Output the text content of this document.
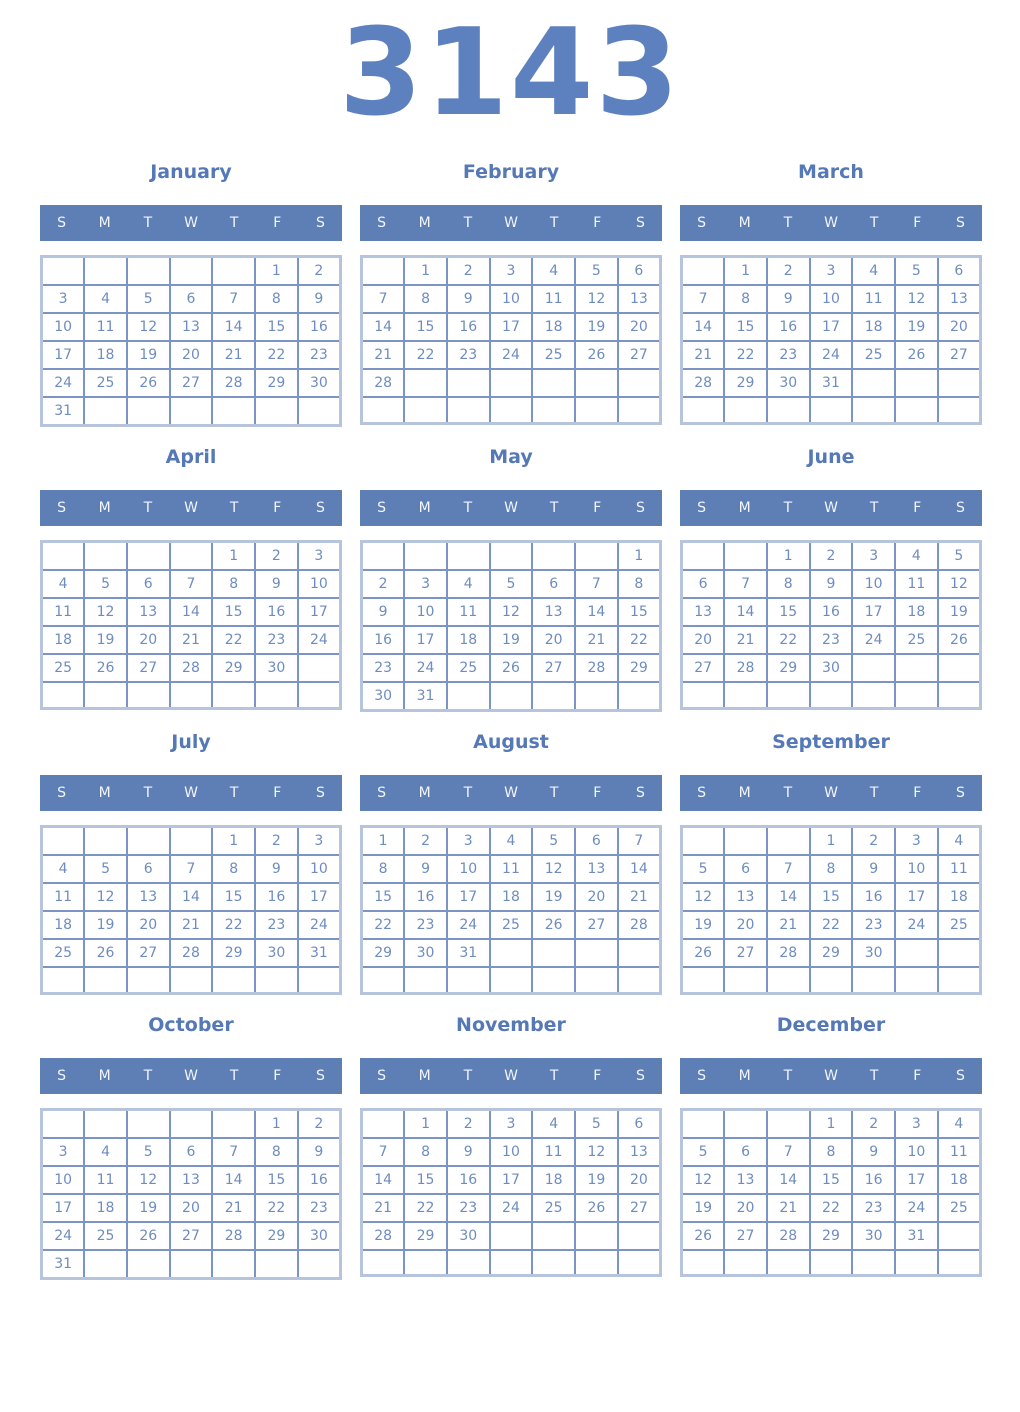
3143
January
S	M	T	W	T	F	S
					1	2
3	4	5	6	7	8	9
10	11	12	13	14	15	16
17	18	19	20	21	22	23
24	25	26	27	28	29	30
31						
February
S	M	T	W	T	F	S
	1	2	3	4	5	6
7	8	9	10	11	12	13
14	15	16	17	18	19	20
21	22	23	24	25	26	27
28						

March
S	M	T	W	T	F	S
	1	2	3	4	5	6
7	8	9	10	11	12	13
14	15	16	17	18	19	20
21	22	23	24	25	26	27
28	29	30	31			

April
S	M	T	W	T	F	S
				1	2	3
4	5	6	7	8	9	10
11	12	13	14	15	16	17
18	19	20	21	22	23	24
25	26	27	28	29	30	

May
S	M	T	W	T	F	S
						1
2	3	4	5	6	7	8
9	10	11	12	13	14	15
16	17	18	19	20	21	22
23	24	25	26	27	28	29
30	31					
June
S	M	T	W	T	F	S
		1	2	3	4	5
6	7	8	9	10	11	12
13	14	15	16	17	18	19
20	21	22	23	24	25	26
27	28	29	30			

July
S	M	T	W	T	F	S
				1	2	3
4	5	6	7	8	9	10
11	12	13	14	15	16	17
18	19	20	21	22	23	24
25	26	27	28	29	30	31

August
S	M	T	W	T	F	S
1	2	3	4	5	6	7
8	9	10	11	12	13	14
15	16	17	18	19	20	21
22	23	24	25	26	27	28
29	30	31				

September
S	M	T	W	T	F	S
			1	2	3	4
5	6	7	8	9	10	11
12	13	14	15	16	17	18
19	20	21	22	23	24	25
26	27	28	29	30		

October
S	M	T	W	T	F	S
					1	2
3	4	5	6	7	8	9
10	11	12	13	14	15	16
17	18	19	20	21	22	23
24	25	26	27	28	29	30
31						
November
S	M	T	W	T	F	S
	1	2	3	4	5	6
7	8	9	10	11	12	13
14	15	16	17	18	19	20
21	22	23	24	25	26	27
28	29	30				

December
S	M	T	W	T	F	S
			1	2	3	4
5	6	7	8	9	10	11
12	13	14	15	16	17	18
19	20	21	22	23	24	25
26	27	28	29	30	31	
